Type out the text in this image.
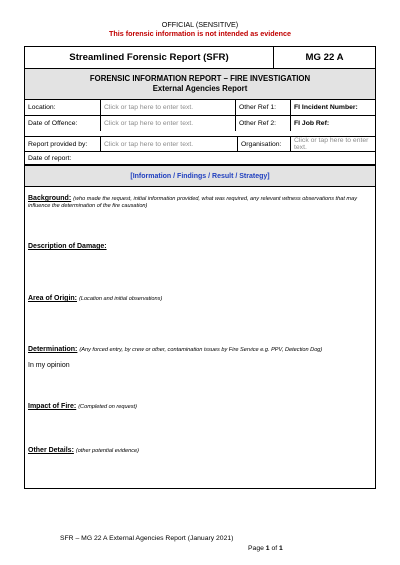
OFFICIAL (SENSITIVE)
This forensic information is not intended as evidence
Streamlined Forensic Report (SFR)	MG 22 A
FORENSIC INFORMATION REPORT – FIRE INVESTIGATION
External Agencies Report
Location:	Click or tap here to enter text.	Other Ref 1:	FI Incident Number:
Date of Offence:	Click or tap here to enter text.	Other Ref 2:	FI Job Ref:
Report provided by:	Click or tap here to enter text.	Organisation:	Click or tap here to enter text.
Date of report:
[Information / Findings / Result / Strategy]
Background: (who made the request, initial information provided, what was required, any relevant witness observations that may influence the determination of the fire causation)
Description of Damage:
Area of Origin: (Location and initial observations)
Determination: (Any forced entry, by crew or other, contamination issues by Fire Service e.g. PPV, Detection Dog)
In my opinion
Impact of Fire: (Completed on request)
Other Details: (other potential evidence)
SFR – MG 22 A External Agencies Report (January 2021)
Page 1 of 1
